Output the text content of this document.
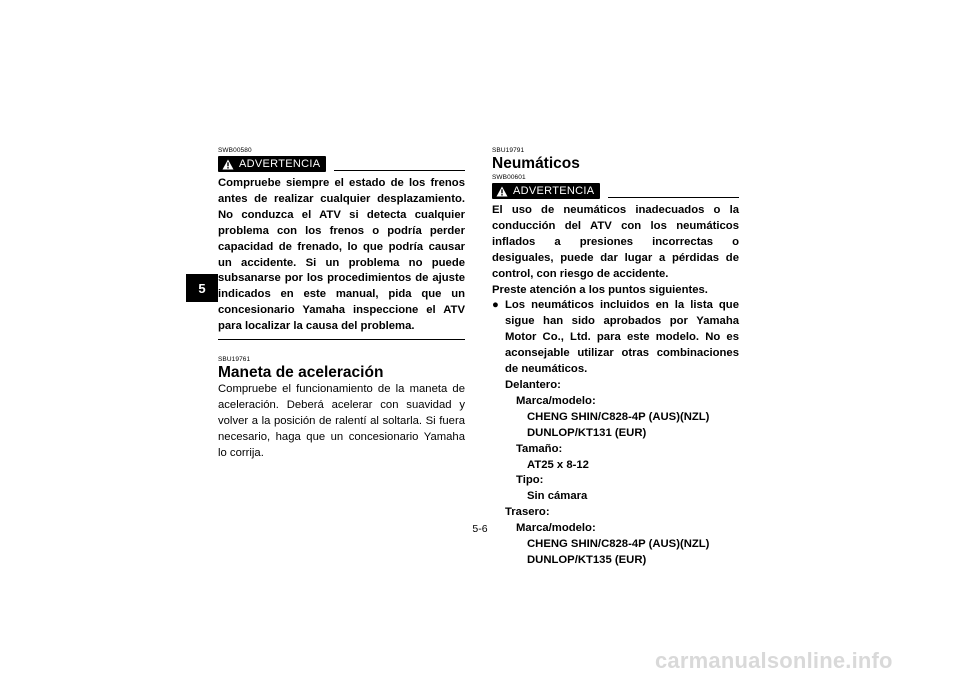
5
SWB00580
ADVERTENCIA

Compruebe siempre el estado de los frenos antes de realizar cualquier desplazamiento. No conduzca el ATV si detecta cualquier problema con los frenos o podría perder capacidad de frenado, lo que podría causar un accidente. Si un problema no puede subsanarse por los procedimientos de ajuste indicados en este manual, pida que un concesionario Yamaha inspeccione el ATV para localizar la causa del problema.

SBU19761
Maneta de aceleración

Compruebe el funcionamiento de la maneta de aceleración. Deberá acelerar con suavidad y volver a la posición de ralentí al soltarla. Si fuera necesario, haga que un concesionario Yamaha lo corrija.

SBU19791
Neumáticos
SWB00601
ADVERTENCIA

El uso de neumáticos inadecuados o la conducción del ATV con los neumáticos inflados a presiones incorrectas o desiguales, puede dar lugar a pérdidas de control, con riesgo de accidente.

Preste atención a los puntos siguientes.

● Los neumáticos incluidos en la lista que sigue han sido aprobados por Yamaha Motor Co., Ltd. para este modelo. No es aconsejable utilizar otras combinaciones de neumáticos.
Delantero:
Marca/modelo:
CHENG SHIN/C828-4P (AUS)(NZL)
DUNLOP/KT131 (EUR)
Tamaño:
AT25 x 8-12
Tipo:
Sin cámara
Trasero:
Marca/modelo:
CHENG SHIN/C828-4P (AUS)(NZL)
DUNLOP/KT135 (EUR)
5-6
carmanualsonline.info
